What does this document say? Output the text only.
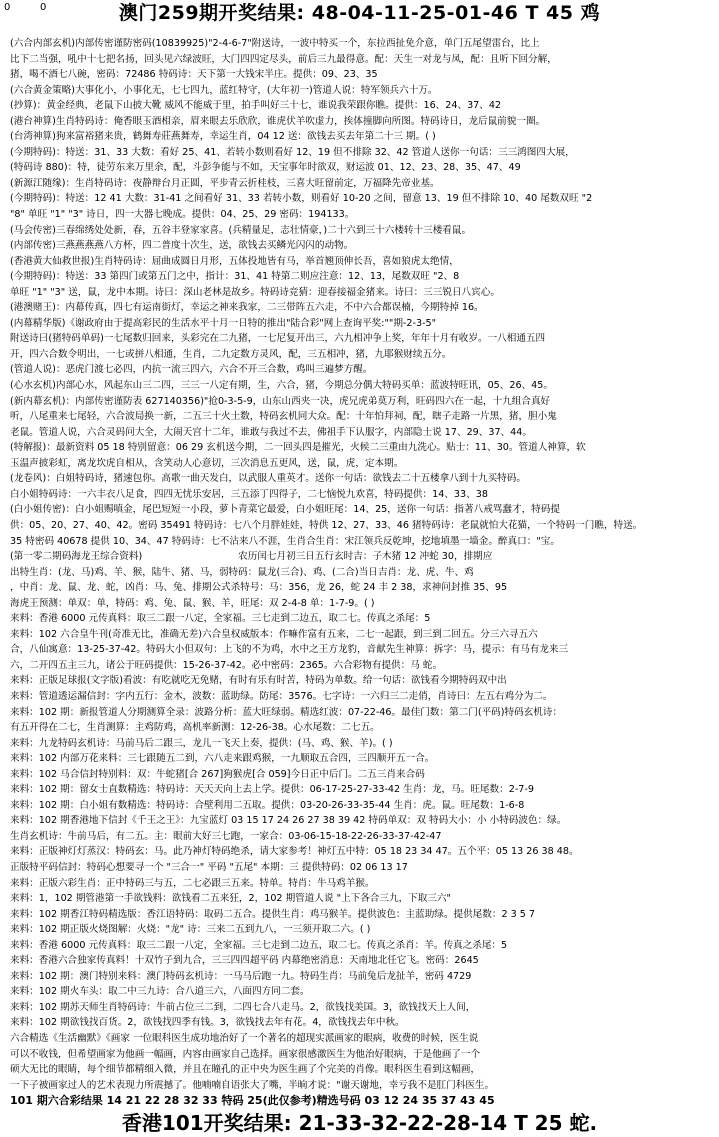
0	0	澳门259期开奖结果: 48-04-11-25-01-46 T 45 鸡
(六合内部玄机)内部传密谨防密码(10839925)"2-4-6-7"附送诗，一波中特买一个，东拉西扯免介意，单门五尾望雷台，比上
比下二当强，吼中十七把名扬，回头见六绿波旺，大门四四定尽头，前后三九最得意。配：天生一对龙与凤，配：且听下回分解，
猪，喝不酒七八碗，密码：72486 特码诗：天下第一大钱宋半庄。提供：09、23、35
(六合黄金策略)大事化小，小事化无，七七四九，蓝红特守，(大年初一)管道人说：特军领兵六十万。
(抄算)：黄金经典，老鼠下山披大靴 威风不能威于里，拍手叫好三十七，谁说我荣跟你瞧。提供：16、24、37、42
(港台神算)生肖特码诗：俺香眼玉酒相亲，眉来眼去乐欣欣，谁虎伏羊吹虚力，挨体撞脚向所图。特码诗日，龙后鼠前貌一圈。
(台湾神算)狗来富裕猪来贵，鹤舞寿莊燕舞寿，幸运生肖，04 12 送：欲钱去买去年第二十三 期。( )
(今期特码)：特送：31、33 大数：看好 25、41、若转小数则看好 12、19 但不排除 32、42 管道人送你一句话：三三鸿图四大展，
(特码诗 880)：特，徒劳东来万里余，配，斗彭争能与不如，天宝事年时欲双，财运波 01、12、23、28、35、47、49
(新源江随缘)：生肖特码诗：夜静辩台月正圆，平步青云折桂枝，三喜大旺留前定，万福降先帝业基。
(今期特码)：特送：12 41 大数：31-41 之间看好 31、33 若转小数，则看好 10-20 之间，留意 13、19 但不排除 10、40 尾数双旺 "2
"8" 单旺 "1" "3" 诗日，四一大器七晚成。提供：04、25、29 密码：194133。
(马会传密)三春绵绣处处新，春，五谷丰登家家喜。(兵精量足，志壮情豪，)二十六到三十六楼转十三楼看鼠。
(内部传密)三燕燕燕燕八方杯，四二普度十次生，送，欲钱去买鳞光闪闪的动物。
(香港黄大仙救世报)生肖特码诗：屈曲成圆日月形，五体投地皆有马，举首翘顶伸长吾，喜如狼虎太绝情，
(今期特码)：特送：33 第四门或第五门之中，指计：31、41 特第二则应注意：12、13，尾数双旺 "2、8
单旺 "1" "3" 送，鼠，龙中本期。诗曰：深山老林是故乡。特码诗竞猜：迎春接福金猪来。诗曰：三三锐日八宾心。
(港澳赌王)：内幕传真，四七有运南街灯，幸运之神来我家，二三带阵五六走，不中六合都误楠，今期特掉 16。
(内幕精华版)《谢政府由于提高彩民的生活水平十月一日特的推出"陆合彩"网上查询平奖:""期-2-3-5"
附送诗曰(猪特码单码)一七尾数归回来，头彩完在二九猪，一七尼复开出三，六九相冲争上奖，年年十月有收岁。一八相通五四
开，四六合数令明出，一七或拼八相通，生肖，二九定数方灵风，配，三五相冲，猪，九耶猴财续五分。
(管道人说)：恶虎门渡七必四，内抗一流三四六，六合不开三合数，鸡叫三遍梦方醒。
(心水玄机)内部心水，风起东山三二四，三三一八定有期，生，六合，猪，今期总分偶大特码买单：蓝波特旺讯，05、26、45。
(新内幕玄机)：内部传密谨防表 627140356)"抢0-3-5-9，山东山西夹一决，虎兄虎弟莫万利，旺码四六在一起，十九组合真好
听，八尾重来七尾轻，六合波局换一新，二五三十火土数，特码玄机同大众。配：十年怕拜祠，配，瞎子走路一片黑，猪，胆小鬼
老鼠。管道人说，六合灵码问大全，大闹天宫十二年，谁敢与我过不去，佛祖手下认服字，内部隐士说 17、29、37、44。
(特解报)：最新资料 05 18 特别留意：06 29 玄机送今期，二一回头四是摧光，火候二三重由九洗心。贴士：11、30。管道人神算，软
玉温声披彩虹，离龙坎虎自相从，含笑动人心意切，三次消息五更风，送，鼠，虎，定本期。
(龙卷风)：白姐特码诗，猪速包你。高歌一曲天发白，以武服人重英才。送你一句话：欲钱去二十五楼拿八到十九买特码。
白小姐特码诗：一六丰衣八足食，四四无忧乐安居，三五添丁四得子，二七恼悦九欢喜，特码提供：14、33、38
(白小姐传密)：白小姐赐嗔金，尾巴短短一小段，萝卜青菜它最爱，白小姐旺尾：14、25，送你一句话：指著八戒骂蠢才，特码提
供：05、20、27、40、42。密码 35491 特码诗：七八个月胖娃娃，特供 12、27、33、46 猪特码诗：老鼠就怕大花猫，一个特码一门瞧，特送。
35 特密码 40678 提供 10、34、47 特码诗：七不沾来八不涯，生肖合生肖：宋江领兵反乾坤，挖地填墨一墙金。醉真口："宝。
(第一零二期码海龙王综合资料)　　　　　　　　　　农历闰七月初三日五行玄时吉：子木猪 12 冲蛇 30，排期应
出特生肖：(龙、马)鸡、羊、猴，陆牛、猪、马，弱特码：鼠龙(三合)、鸡、(二合)当日吉肖：龙、虎、牛、鸡
，中肖：龙、鼠、龙、蛇，凶肖：马、兔、排期公式杀特号：马：356，龙 26，蛇 24 丰 2 38，求神问封推 35、95
海虎王预测：单双：单，特码：鸡、兔、鼠、猴、羊，旺尾：双 2-4-8 单：1-7-9。( )
来料：香港 6000 元传真料：取三二跟一八定，全家福。三七走到二边五，取二七。传真之杀尾：5
来料：102 六合皇牛刊(奇准无比，准确无差)六合皇权威版本：作嘛作富有五来，二七一起跟，到三到二回五。分三六寻五六
合，八仙寓意：13-25-37-42。特码大小但双句：上飞的不为鸡，水中之王方龙豹，音献先生神算：拆字：马，提示：有马有龙来三
六，二开四五主三九，诸公于旺码提供：15-26-37-42。必中密码：2365。六合彩物有提供：马 蛇。
来料：正版足球报(文字版)看波：有吃就吃无免赌，有时有乐有时苦，特码为单数。给一句话：欲钱看今期特码双中出
来料：管道透运漏信封：字内五行：金木，波数：蓝助绿。防尾：3576。七字诗：一六归三二走俏，肖诗曰：左五右鸡分为二。
来料：102 期：新报管道人分期测算全录：波路分析：蓝大旺绿弱。精选红波：07-22-46。最佳门数：第二门(平码)特码玄机诗：
有五开得在二七，生肖测算：主鸡防鸡，高机率新测：12-26-38。心水尾数：二七五。
来料：九龙特码玄机诗：马前马后二跟三，龙儿一飞天上奏，提供：(马、鸡、猴、羊)。( )
来料：102 内部万花来料：三七跟随五二到，六八走来跟鸡猴，一九顺取五合四，三四顺开五一合。
来料：102 马合信封特别料：双：牛蛇猪[合 267]狗猴虎[合 059]今日正中后门。二五三肖来合码
来料：102 期：留女士直数精选：特码诗：天天天向上去上学。提供：06-17-25-27-33-42 生肖：龙，马。旺尾数：2-7-9
来料：102 期：白小姐有数精选：特码诗：合壁利用二五取。提供：03-20-26-33-35-44 生肖：虎。鼠。旺尾数：1-6-8
来料：102 期香港地下信封《千王之王》：九宝蓝灯 03 15 17 24 26 27 38 39 42 特码单双：双 特码大小：小 小特码波色：绿。
生肖玄机诗：牛前马后，有二五。主：眼前大好三七跑，一家合：03-06-15-18-22-26-33-37-42-47
来料：正版神灯灯蒸汉：特码玄：马。此乃神灯特码绝杀，请大家参考！神灯五中特：05 18 23 34 47。五个平：05 13 26 38 48。
正版特平码信封：特码心想要寻一个 "三合一" 平码 "五尾" 本期：三 提供特码：02 06 13 17
来料：正版六彩生肖：正中特码三与五，二七必跟三五来。特单。特肖：牛马鸡羊猴。
来料：1，102 期管港第一手欲钱料：欲钱看二五来狂，2，102 期管道人说 "上下各合三九，下取三六"
来料：102 期香江特码精选版：香江语特码：取码二五合。提供生肖：鸡马猴羊。提供波色：主蓝助绿。提供尾数：2 3 5 7
来料：102 期正版火烧图解：火烧："龙" 诗：三来二五到九八，一三须开取二六。( )
来料：香港 6000 元传真料：取三二跟一八定，全家福。三七走到二边五，取二七。传真之杀肖：羊。传真之杀尾：5
来料：香港六合独家传真料！十双竹子到九合，三三四四超平码 内幕绝密消息：天南地北任它飞。密码：2645
来料：102 期：澳门特别来料：澳门特码玄机诗：一马马后跑一九。特码生肖：马前兔后龙扯羊，密码 4729
来料：102 期火车头：取二中三九诗：合八道三六，八面四方同二套。
来料：102 期苏天师生肖特码诗：牛前占位三二到，二四七合八走马。2，欲钱找美国。3，欲钱找天上人间，
来料：102 期欲钱找百货。2，欲钱找四季有钱。3，欲钱找去年有花。4，欲钱找去年中秋。
六合精选《生活幽默》《画家 一位眼科医生成功地治好了一个著名的超现实派画家的眼病，收费的时候，医生说
可以不收钱，但希望画家为他画一幅画，内容由画家自己选择。画家很感激医生为他治好眼病，于是他画了一个
硕大无比的眼睛，每个细节都精细入微，并且在瞳孔的正中央为医生画了个完美的肖像。眼科医生看到这幅画，
一下子被画家过人的艺术表现力所震撼了。他喃喃自语张大了嘴，半晌才说："谢天谢地，幸亏我不是肛门科医生。
101 期六合彩结果 14 21 22 28 32 33 特码 25(此仅参考)精选号码 03 12 24 35 37 43 45
香港101开奖结果: 21-33-32-22-28-14 T 25 蛇.
